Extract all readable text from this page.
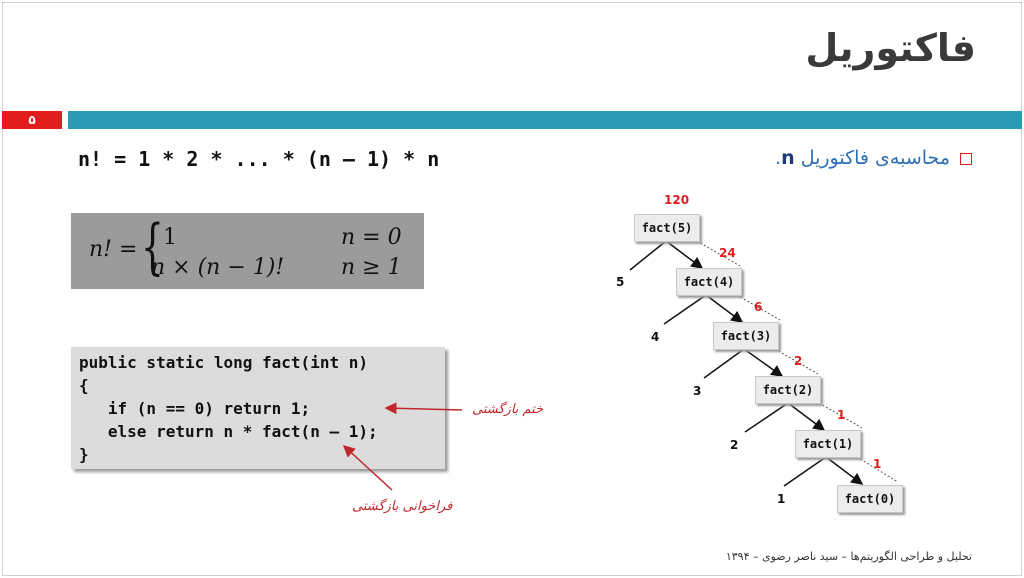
فاکتوریل
۵
محاسبه‌ی فاکتوریل n.
n! = 1 * 2 * ... * (n – 1) * n
n! = { 1	n = 0
n × (n − 1)!	n ≥ 1
public static long fact(int n)
{
if (n == 0) return 1;
else return n * fact(n – 1);
}
ختم بازگشتی
فراخوانی بازگشتی
120
24
6
2
1
1
fact(5)
fact(4)
fact(3)
fact(2)
fact(1)
fact(0)
5
4
3
2
1
تحلیل و طراحی الگوریتم‌ها – سید ناصر رضوی – ۱۳۹۴
